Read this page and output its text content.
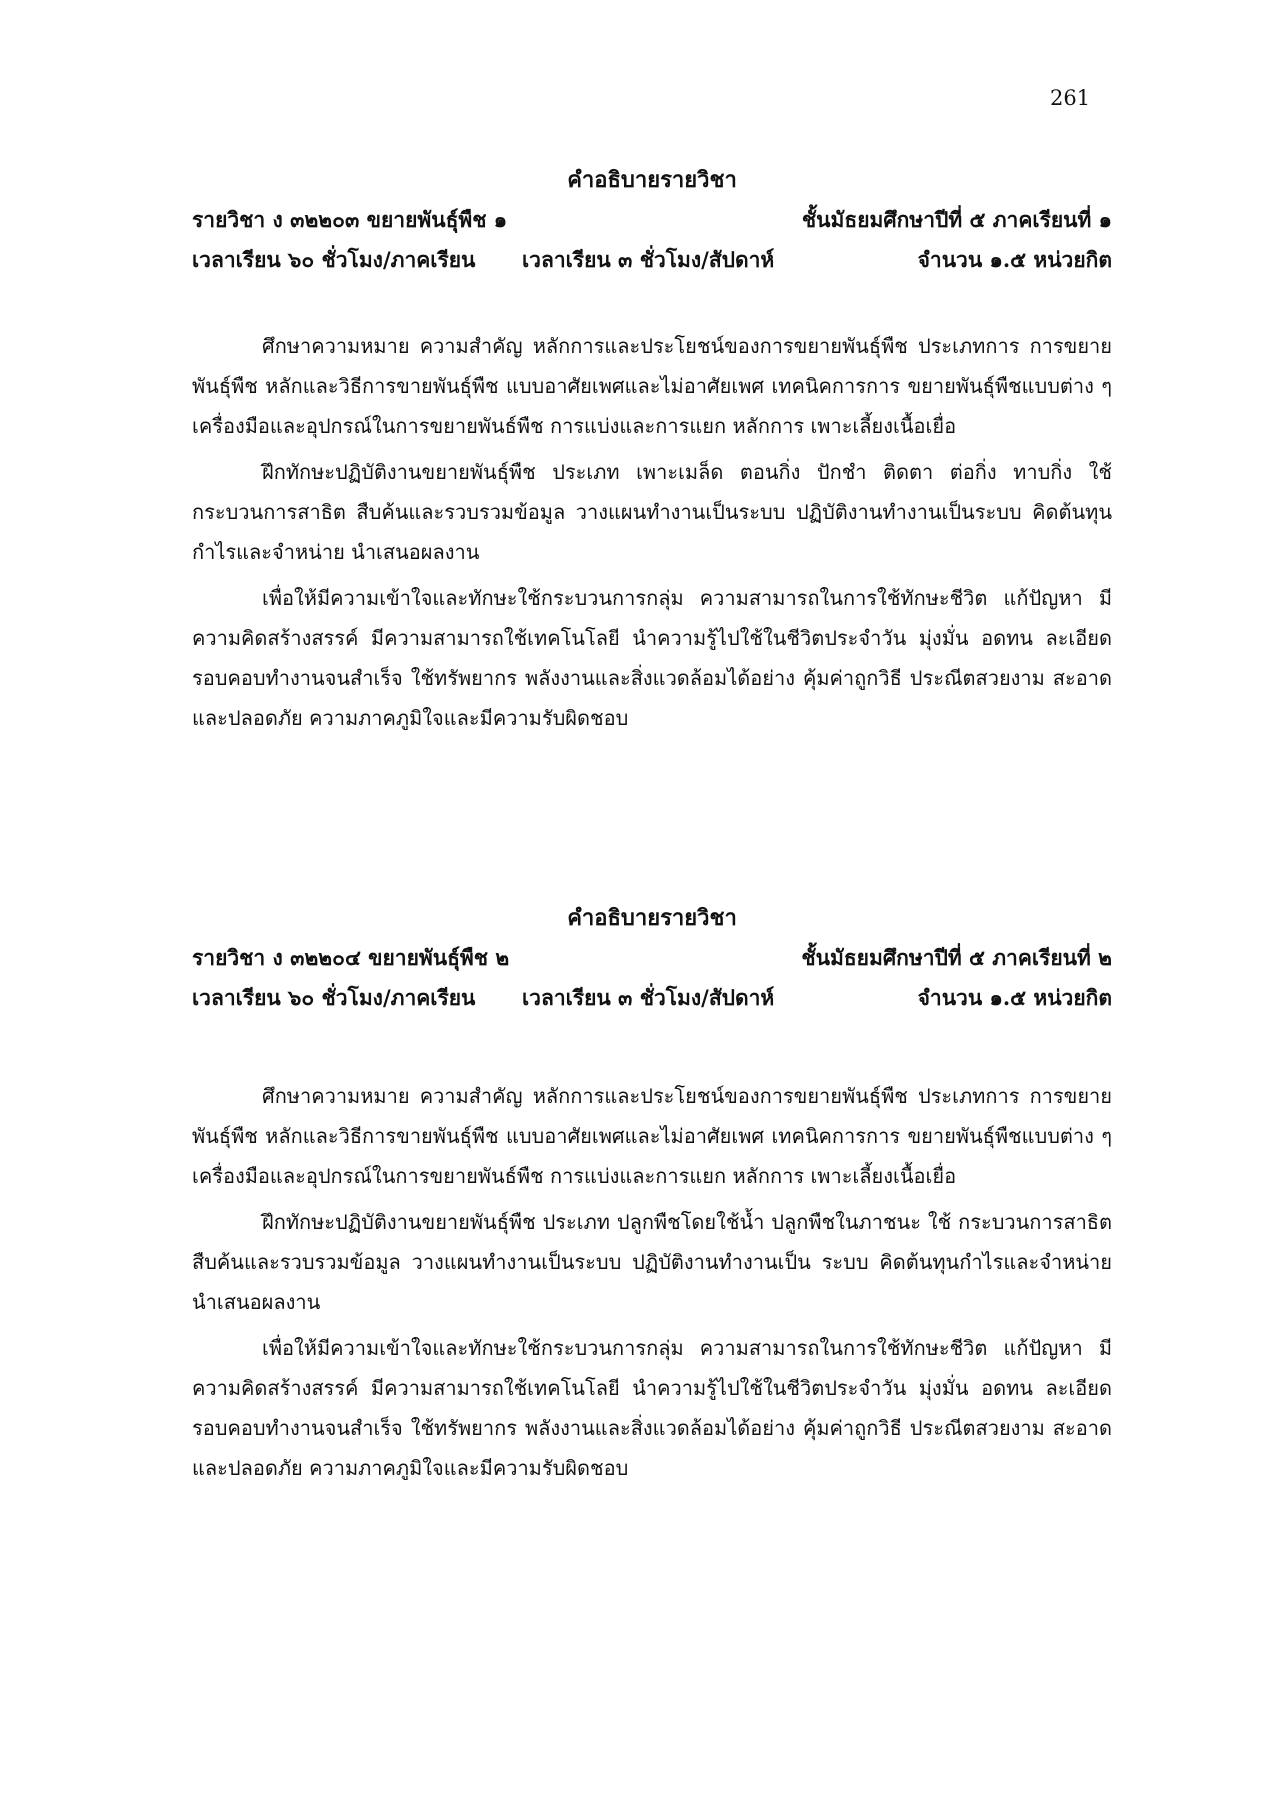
261
คำอธิบายรายวิชา
รายวิชา ง ๓๒๒๐๓ ขยายพันธุ์พืช ๑	ชั้นมัธยมศึกษาปีที่ ๕ ภาคเรียนที่ ๑
เวลาเรียน ๖๐ ชั่วโมง/ภาคเรียน	เวลาเรียน ๓ ชั่วโมง/สัปดาห์	จำนวน ๑.๕ หน่วยกิต

ศึกษาความหมาย ความสำคัญ หลักการและประโยชน์ของการขยายพันธุ์พืช ประเภทการ การขยายพันธุ์พืช หลักและวิธีการขายพันธุ์พืช แบบอาศัยเพศและไม่อาศัยเพศ เทคนิคการการ ขยายพันธุ์พืชแบบต่าง ๆ เครื่องมือและอุปกรณ์ในการขยายพันธ์พืช การแบ่งและการแยก หลักการ เพาะเลี้ยงเนื้อเยื่อ

ฝึกทักษะปฏิบัติงานขยายพันธุ์พืช ประเภท เพาะเมล็ด ตอนกิ่ง ปักชำ ติดตา ต่อกิ่ง ทาบกิ่ง ใช้กระบวนการสาธิต สืบค้นและรวบรวมข้อมูล วางแผนทำงานเป็นระบบ ปฏิบัติงานทำงานเป็นระบบ คิดต้นทุนกำไรและจำหน่าย นำเสนอผลงาน

เพื่อให้มีความเข้าใจและทักษะใช้กระบวนการกลุ่ม ความสามารถในการใช้ทักษะชีวิต แก้ปัญหา มีความคิดสร้างสรรค์ มีความสามารถใช้เทคโนโลยี นำความรู้ไปใช้ในชีวิตประจำวัน มุ่งมั่น อดทน ละเอียดรอบคอบทำงานจนสำเร็จ ใช้ทรัพยากร พลังงานและสิ่งแวดล้อมได้อย่าง คุ้มค่าถูกวิธี ประณีตสวยงาม สะอาดและปลอดภัย ความภาคภูมิใจและมีความรับผิดชอบ

คำอธิบายรายวิชา
รายวิชา ง ๓๒๒๐๔ ขยายพันธุ์พืช ๒	ชั้นมัธยมศึกษาปีที่ ๕ ภาคเรียนที่ ๒
เวลาเรียน ๖๐ ชั่วโมง/ภาคเรียน	เวลาเรียน ๓ ชั่วโมง/สัปดาห์	จำนวน ๑.๕ หน่วยกิต

ศึกษาความหมาย ความสำคัญ หลักการและประโยชน์ของการขยายพันธุ์พืช ประเภทการ การขยายพันธุ์พืช หลักและวิธีการขายพันธุ์พืช แบบอาศัยเพศและไม่อาศัยเพศ เทคนิคการการ ขยายพันธุ์พืชแบบต่าง ๆ เครื่องมือและอุปกรณ์ในการขยายพันธ์พืช การแบ่งและการแยก หลักการ เพาะเลี้ยงเนื้อเยื่อ

ฝึกทักษะปฏิบัติงานขยายพันธุ์พืช ประเภท ปลูกพืชโดยใช้น้ำ ปลูกพืชในภาชนะ ใช้ กระบวนการสาธิต สืบค้นและรวบรวมข้อมูล วางแผนทำงานเป็นระบบ ปฏิบัติงานทำงานเป็น ระบบ คิดต้นทุนกำไรและจำหน่าย นำเสนอผลงาน

เพื่อให้มีความเข้าใจและทักษะใช้กระบวนการกลุ่ม ความสามารถในการใช้ทักษะชีวิต แก้ปัญหา มีความคิดสร้างสรรค์ มีความสามารถใช้เทคโนโลยี นำความรู้ไปใช้ในชีวิตประจำวัน มุ่งมั่น อดทน ละเอียดรอบคอบทำงานจนสำเร็จ ใช้ทรัพยากร พลังงานและสิ่งแวดล้อมได้อย่าง คุ้มค่าถูกวิธี ประณีตสวยงาม สะอาดและปลอดภัย ความภาคภูมิใจและมีความรับผิดชอบ
